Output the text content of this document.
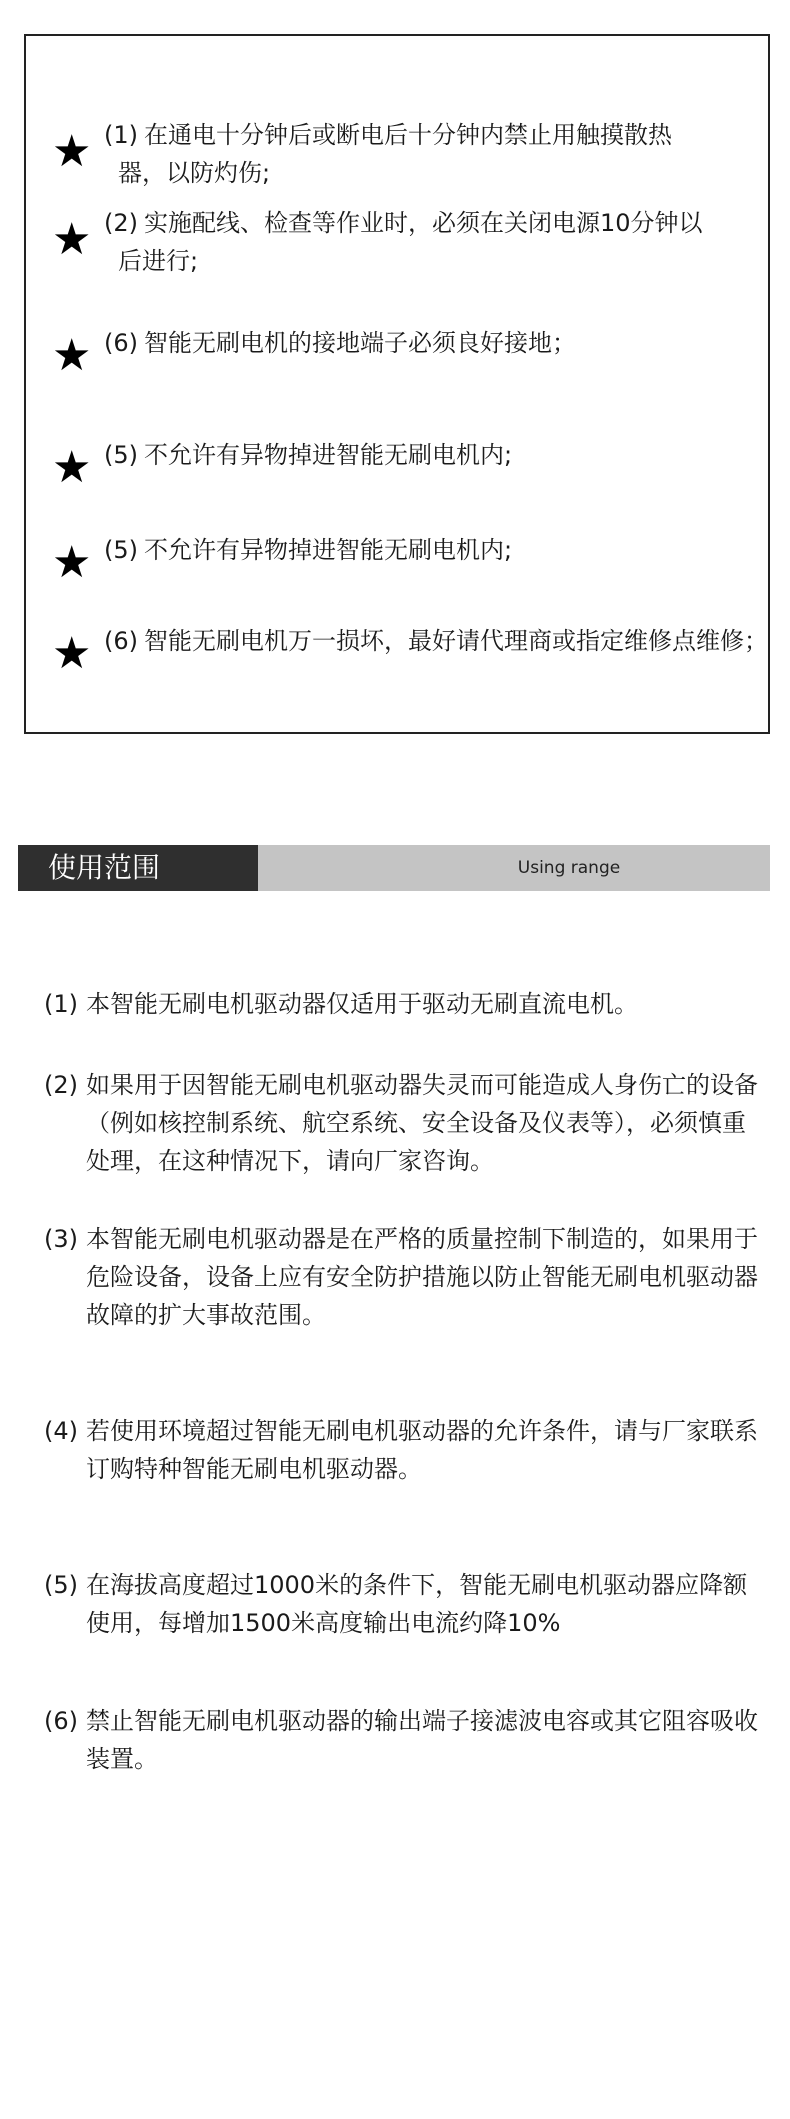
★ (1) 在通电十分钟后或断电后十分钟内禁止用触摸散热
器，以防灼伤;
★ (2) 实施配线、检查等作业时，必须在关闭电源10分钟以
后进行;
★ (6) 智能无刷电机的接地端子必须良好接地；
★ (5) 不允许有异物掉进智能无刷电机内;
★ (5) 不允许有异物掉进智能无刷电机内;
★ (6) 智能无刷电机万一损坏，最好请代理商或指定维修点维修；
使用范围	Using range
(1) 本智能无刷电机驱动器仅适用于驱动无刷直流电机。
(2) 如果用于因智能无刷电机驱动器失灵而可能造成人身伤亡的设备（例如核控制系统、航空系统、安全设备及仪表等），必须慎重处理，在这种情况下，请向厂家咨询。
(3) 本智能无刷电机驱动器是在严格的质量控制下制造的，如果用于危险设备，设备上应有安全防护措施以防止智能无刷电机驱动器故障的扩大事故范围。
(4) 若使用环境超过智能无刷电机驱动器的允许条件，请与厂家联系订购特种智能无刷电机驱动器。
(5) 在海拔高度超过1000米的条件下，智能无刷电机驱动器应降额使用，每增加1500米高度输出电流约降10%
(6) 禁止智能无刷电机驱动器的输出端子接滤波电容或其它阻容吸收装置。
